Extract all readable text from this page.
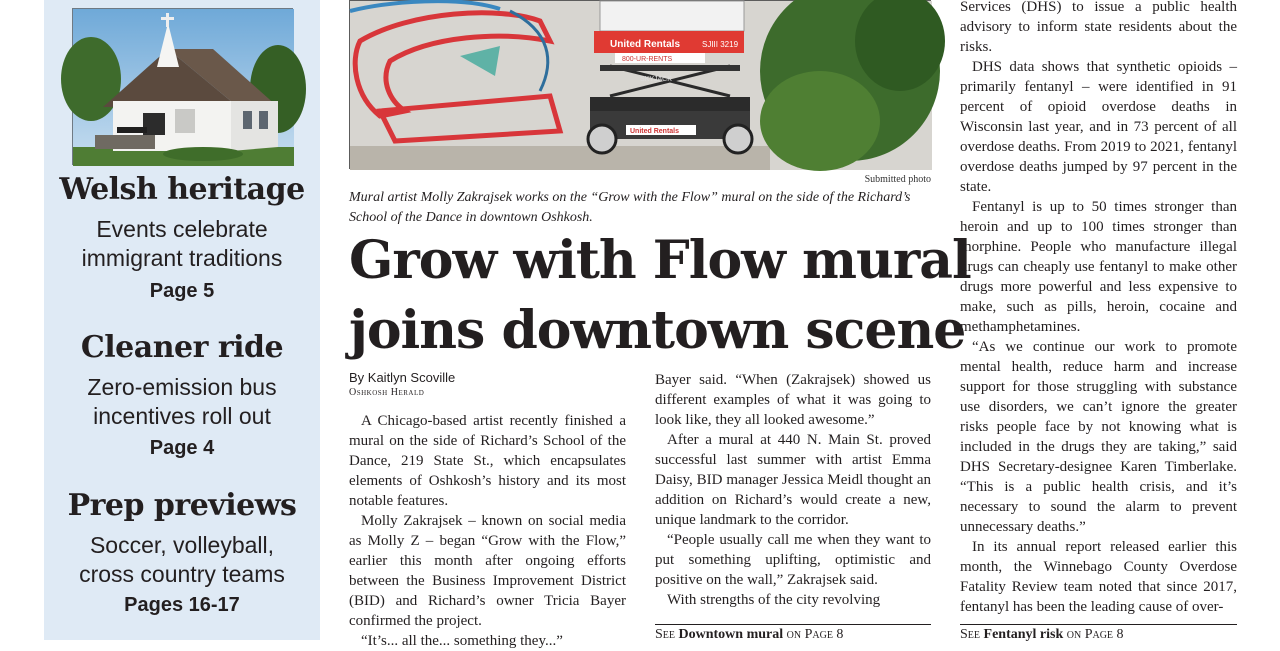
Welsh heritage
Events celebrate
immigrant traditions
Page 5
Cleaner ride
Zero-emission bus
incentives roll out
Page 4
Prep previews
Soccer, volleyball,
cross country teams
Pages 16-17
United Rentals	SJIII 3219
800-UR-RENTS
SKYJACK
United Rentals
Submitted photo
Mural artist Molly Zakrajsek works on the “Grow with the Flow” mural on the side of the Richard’s School of the Dance in downtown Oshkosh.
Grow with Flow mural
joins downtown scene
By Kaitlyn Scoville
Oshkosh Herald

A Chicago-based artist recently finished a mural on the side of Richard’s School of the Dance, 219 State St., which encapsulates elements of Oshkosh’s history and its most notable features.

Molly Zakrajsek – known on social media as Molly Z – began “Grow with the Flow,” earlier this month after ongoing efforts between the Business Improvement District (BID) and Richard’s owner Tricia Bayer confirmed the project.

“It’s... all the... something they...”

Bayer said. “When (Zakrajsek) showed us different examples of what it was going to look like, they all looked awesome.”

After a mural at 440 N. Main St. proved successful last summer with artist Emma Daisy, BID manager Jessica Meidl thought an addition on Richard’s would create a new, unique landmark to the corridor.

“People usually call me when they want to put something uplifting, optimistic and positive on the wall,” Zakrajsek said.

With strengths of the city revolving

See Downtown mural on Page 8

Services (DHS) to issue a public health advisory to inform state residents about the risks.

DHS data shows that synthetic opioids – primarily fentanyl – were identified in 91 percent of opioid overdose deaths in Wisconsin last year, and in 73 percent of all overdose deaths. From 2019 to 2021, fentanyl overdose deaths jumped by 97 percent in the state.

Fentanyl is up to 50 times stronger than heroin and up to 100 times stronger than morphine. People who manufacture illegal drugs can cheaply use fentanyl to make other drugs more powerful and less expensive to make, such as pills, heroin, cocaine and methamphetamines.

“As we continue our work to promote mental health, reduce harm and increase support for those struggling with substance use disorders, we can’t ignore the greater risks people face by not knowing what is included in the drugs they are taking,” said DHS Secretary-designee Karen Timberlake. “This is a public health crisis, and it’s necessary to sound the alarm to prevent unnecessary deaths.”

In its annual report released earlier this month, the Winnebago County Overdose Fatality Review team noted that since 2017, fentanyl has been the leading cause of over-

See Fentanyl risk on Page 8
